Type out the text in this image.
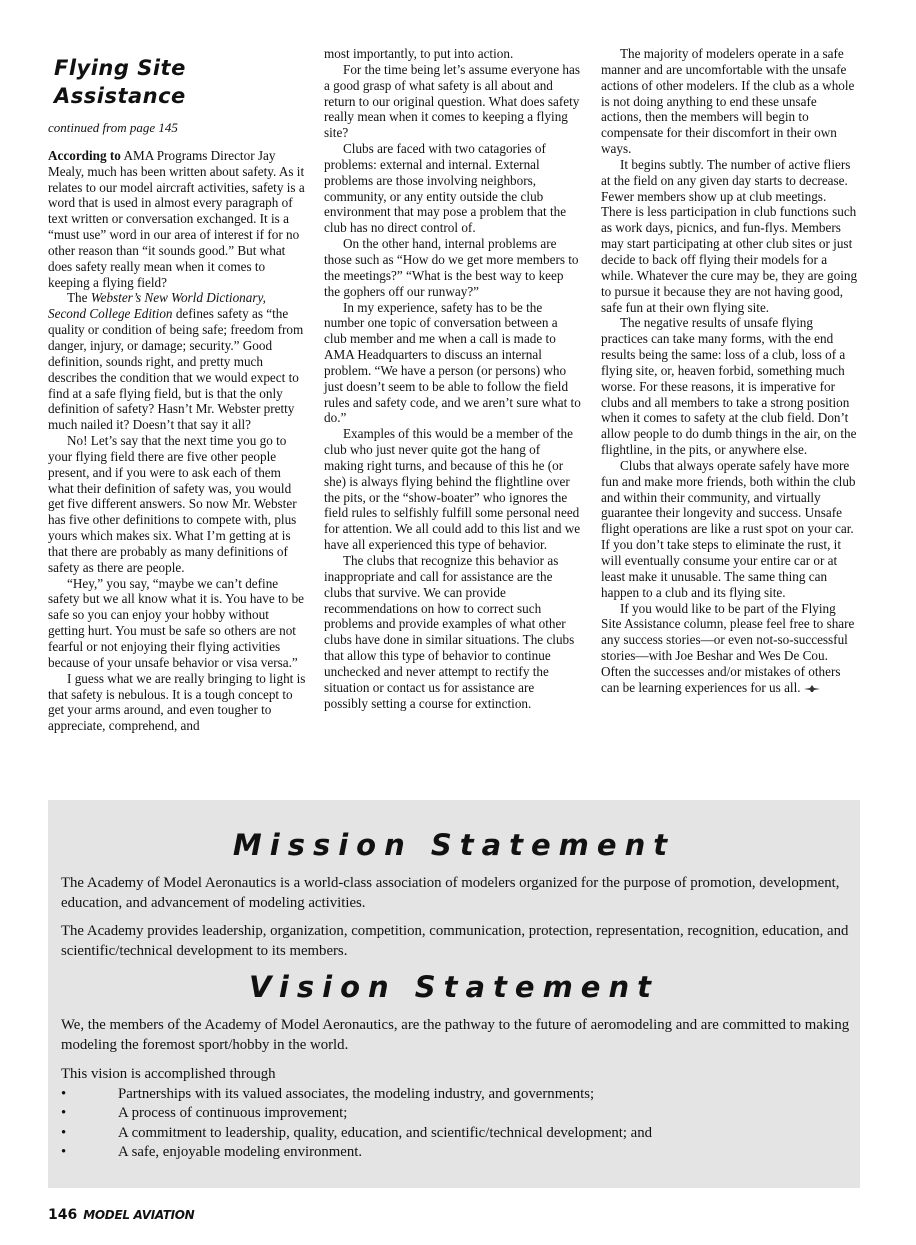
Flying Site Assistance
continued from page 145

According to AMA Programs Director Jay Mealy, much has been written about safety. As it relates to our model aircraft activities, safety is a word that is used in almost every paragraph of text written or conversation exchanged. It is a “must use” word in our area of interest if for no other reason than “it sounds good.” But what does safety really mean when it comes to keeping a flying field?

The Webster’s New World Dictionary, Second College Edition defines safety as “the quality or condition of being safe; freedom from danger, injury, or damage; security.” Good definition, sounds right, and pretty much describes the condition that we would expect to find at a safe flying field, but is that the only definition of safety? Hasn’t Mr. Webster pretty much nailed it? Doesn’t that say it all?

No! Let’s say that the next time you go to your flying field there are five other people present, and if you were to ask each of them what their definition of safety was, you would get five different answers. So now Mr. Webster has five other definitions to compete with, plus yours which makes six. What I’m getting at is that there are probably as many definitions of safety as there are people.

“Hey,” you say, “maybe we can’t define safety but we all know what it is. You have to be safe so you can enjoy your hobby without getting hurt. You must be safe so others are not fearful or not enjoying their flying activities because of your unsafe behavior or visa versa.”

I guess what we are really bringing to light is that safety is nebulous. It is a tough concept to get your arms around, and even tougher to appreciate, comprehend, and

most importantly, to put into action.

For the time being let’s assume everyone has a good grasp of what safety is all about and return to our original question. What does safety really mean when it comes to keeping a flying site?

Clubs are faced with two catagories of problems: external and internal. External problems are those involving neighbors, community, or any entity outside the club environment that may pose a problem that the club has no direct control of.

On the other hand, internal problems are those such as “How do we get more members to the meetings?” “What is the best way to keep the gophers off our runway?”

In my experience, safety has to be the number one topic of conversation between a club member and me when a call is made to AMA Headquarters to discuss an internal problem. “We have a person (or persons) who just doesn’t seem to be able to follow the field rules and safety code, and we aren’t sure what to do.”

Examples of this would be a member of the club who just never quite got the hang of making right turns, and because of this he (or she) is always flying behind the flightline over the pits, or the “show-boater” who ignores the field rules to selfishly fulfill some personal need for attention. We all could add to this list and we have all experienced this type of behavior.

The clubs that recognize this behavior as inappropriate and call for assistance are the clubs that survive. We can provide recommendations on how to correct such problems and provide examples of what other clubs have done in similar situations. The clubs that allow this type of behavior to continue unchecked and never attempt to rectify the situation or contact us for assistance are possibly setting a course for extinction.

The majority of modelers operate in a safe manner and are uncomfortable with the unsafe actions of other modelers. If the club as a whole is not doing anything to end these unsafe actions, then the members will begin to compensate for their discomfort in their own ways.

It begins subtly. The number of active fliers at the field on any given day starts to decrease. Fewer members show up at club meetings. There is less participation in club functions such as work days, picnics, and fun-flys. Members may start participating at other club sites or just decide to back off flying their models for a while. Whatever the cure may be, they are going to pursue it because they are not having good, safe fun at their own flying site.

The negative results of unsafe flying practices can take many forms, with the end results being the same: loss of a club, loss of a flying site, or, heaven forbid, something much worse. For these reasons, it is imperative for clubs and all members to take a strong position when it comes to safety at the club field. Don’t allow people to do dumb things in the air, on the flightline, in the pits, or anywhere else.

Clubs that always operate safely have more fun and make more friends, both within the club and within their community, and virtually guarantee their longevity and success. Unsafe flight operations are like a rust spot on your car. If you don’t take steps to eliminate the rust, it will eventually consume your entire car or at least make it unusable. The same thing can happen to a club and its flying site.

If you would like to be part of the Flying Site Assistance column, please feel free to share any success stories—or even not-so-successful stories—with Joe Beshar and Wes De Cou. Often the successes and/or mistakes of others can be learning experiences for us all.

Mission Statement

The Academy of Model Aeronautics is a world-class association of modelers organized for the purpose of promotion, development, education, and advancement of modeling activities.

The Academy provides leadership, organization, competition, communication, protection, representation, recognition, education, and scientific/technical development to its members.

Vision Statement

We, the members of the Academy of Model Aeronautics, are the pathway to the future of aeromodeling and are committed to making modeling the foremost sport/hobby in the world.

This vision is accomplished through

•	Partnerships with its valued associates, the modeling industry, and governments;
•	A process of continuous improvement;
•	A commitment to leadership, quality, education, and scientific/technical development; and
•	A safe, enjoyable modeling environment.
146 MODEL AVIATION
